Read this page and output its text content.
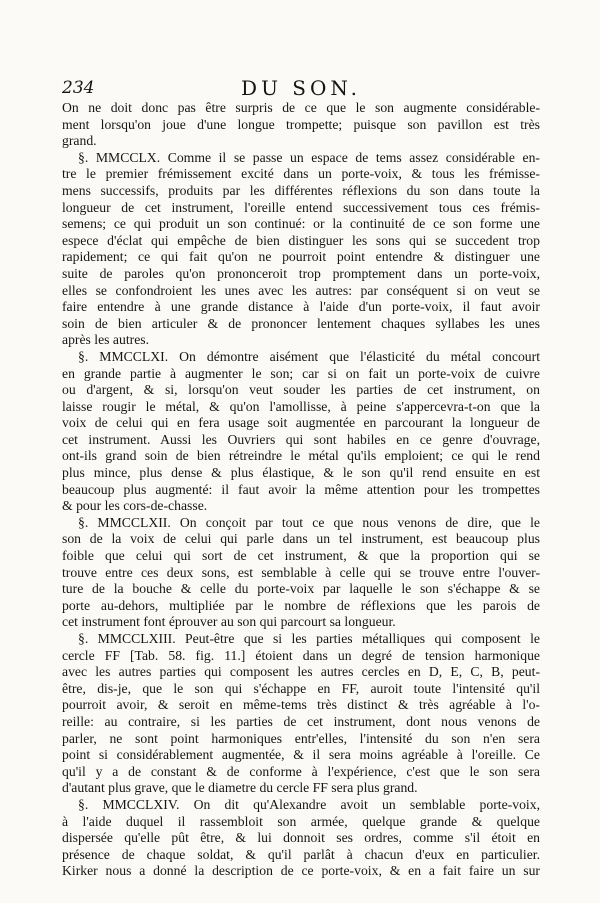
234	DU SON.
On ne doit donc pas être surpris de ce que le son augmente considérable-
ment lorsqu'on joue d'une longue trompette; puisque son pavillon est très
grand.
§. MMCCLX. Comme il se passe un espace de tems assez considérable en-
tre le premier frémissement excité dans un porte-voix, & tous les frémisse-
mens successifs, produits par les différentes réflexions du son dans toute la
longueur de cet instrument, l'oreille entend successivement tous ces frémis-
semens; ce qui produit un son continué: or la continuité de ce son forme une
espece d'éclat qui empêche de bien distinguer les sons qui se succedent trop
rapidement; ce qui fait qu'on ne pourroit point entendre & distinguer une
suite de paroles qu'on prononceroit trop promptement dans un porte-voix,
elles se confondroient les unes avec les autres: par conséquent si on veut se
faire entendre à une grande distance à l'aide d'un porte-voix, il faut avoir
soin de bien articuler & de prononcer lentement chaques syllabes les unes
après les autres.
§. MMCCLXI. On démontre aisément que l'élasticité du métal concourt
en grande partie à augmenter le son; car si on fait un porte-voix de cuivre
ou d'argent, & si, lorsqu'on veut souder les parties de cet instrument, on
laisse rougir le métal, & qu'on l'amollisse, à peine s'appercevra-t-on que la
voix de celui qui en fera usage soit augmentée en parcourant la longueur de
cet instrument. Aussi les Ouvriers qui sont habiles en ce genre d'ouvrage,
ont-ils grand soin de bien rétreindre le métal qu'ils emploient; ce qui le rend
plus mince, plus dense & plus élastique, & le son qu'il rend ensuite en est
beaucoup plus augmenté: il faut avoir la même attention pour les trompettes
& pour les cors-de-chasse.
§. MMCCLXII. On conçoit par tout ce que nous venons de dire, que le
son de la voix de celui qui parle dans un tel instrument, est beaucoup plus
foible que celui qui sort de cet instrument, & que la proportion qui se
trouve entre ces deux sons, est semblable à celle qui se trouve entre l'ouver-
ture de la bouche & celle du porte-voix par laquelle le son s'échappe & se
porte au-dehors, multipliée par le nombre de réflexions que les parois de
cet instrument font éprouver au son qui parcourt sa longueur.
§. MMCCLXIII. Peut-être que si les parties métalliques qui composent le
cercle FF [Tab. 58. fig. 11.] étoient dans un degré de tension harmonique
avec les autres parties qui composent les autres cercles en D, E, C, B, peut-
être, dis-je, que le son qui s'échappe en FF, auroit toute l'intensité qu'il
pourroit avoir, & seroit en même-tems très distinct & très agréable à l'o-
reille: au contraire, si les parties de cet instrument, dont nous venons de
parler, ne sont point harmoniques entr'elles, l'intensité du son n'en sera
point si considérablement augmentée, & il sera moins agréable à l'oreille. Ce
qu'il y a de constant & de conforme à l'expérience, c'est que le son sera
d'autant plus grave, que le diametre du cercle FF sera plus grand.
§. MMCCLXIV. On dit qu'Alexandre avoit un semblable porte-voix,
à l'aide duquel il rassembloit son armée, quelque grande & quelque
dispersée qu'elle pût être, & lui donnoit ses ordres, comme s'il étoit en
présence de chaque soldat, & qu'il parlât à chacun d'eux en particulier.
Kirker nous a donné la description de ce porte-voix, & en a fait faire un sur
